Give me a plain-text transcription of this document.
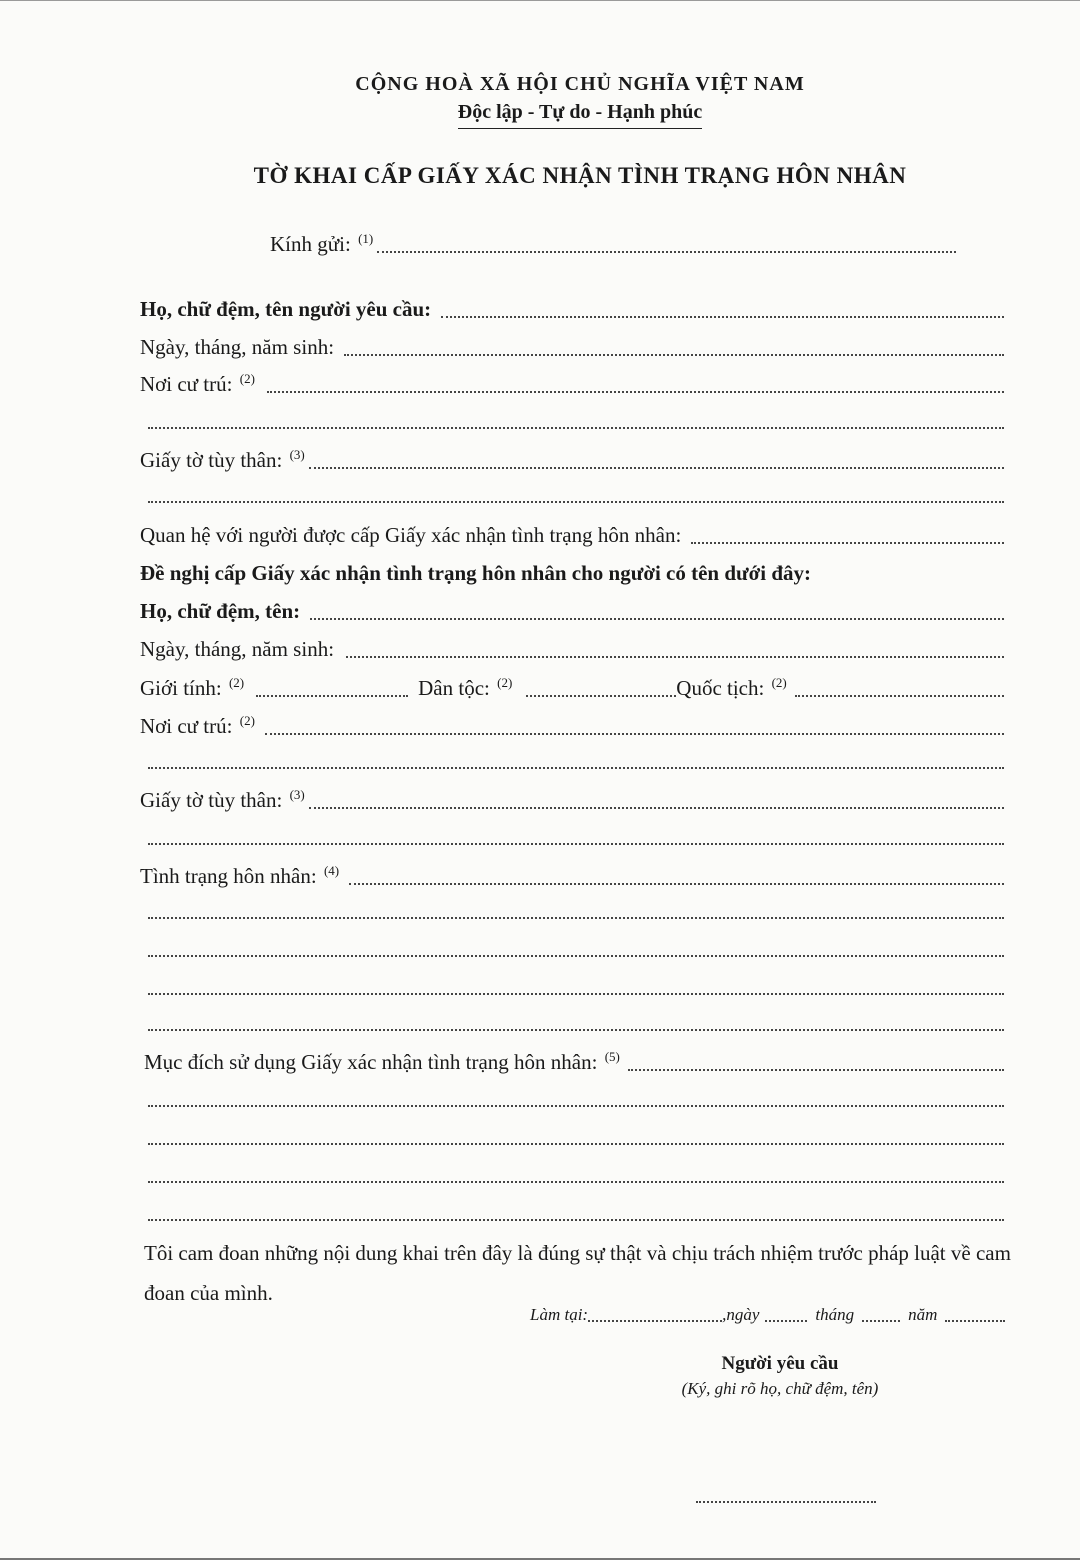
CỘNG HOÀ XÃ HỘI CHỦ NGHĨA VIỆT NAM
Độc lập - Tự do - Hạnh phúc
TỜ KHAI CẤP GIẤY XÁC NHẬN TÌNH TRẠNG HÔN NHÂN
Kính gửi: $^{(1)}$
Họ, chữ đệm, tên người yêu cầu:
Ngày, tháng, năm sinh:
Nơi cư trú: $^{(2)}$
Giấy tờ tùy thân: $^{(3)}$
Quan hệ với người được cấp Giấy xác nhận tình trạng hôn nhân:
Đề nghị cấp Giấy xác nhận tình trạng hôn nhân cho người có tên dưới đây:
Họ, chữ đệm, tên:
Ngày, tháng, năm sinh:
Giới tính: $^{(2)}$	Dân tộc: $^{(2)}$	Quốc tịch: $^{(2)}$
Nơi cư trú: $^{(2)}$
Giấy tờ tùy thân: $^{(3)}$
Tình trạng hôn nhân: $^{(4)}$
Mục đích sử dụng Giấy xác nhận tình trạng hôn nhân: $^{(5)}$
Tôi cam đoan những nội dung khai trên đây là đúng sự thật và chịu trách nhiệm trước pháp luật về cam đoan của mình.
Làm tại:	,ngày	tháng	năm
Người yêu cầu
(Ký, ghi rõ họ, chữ đệm, tên)
